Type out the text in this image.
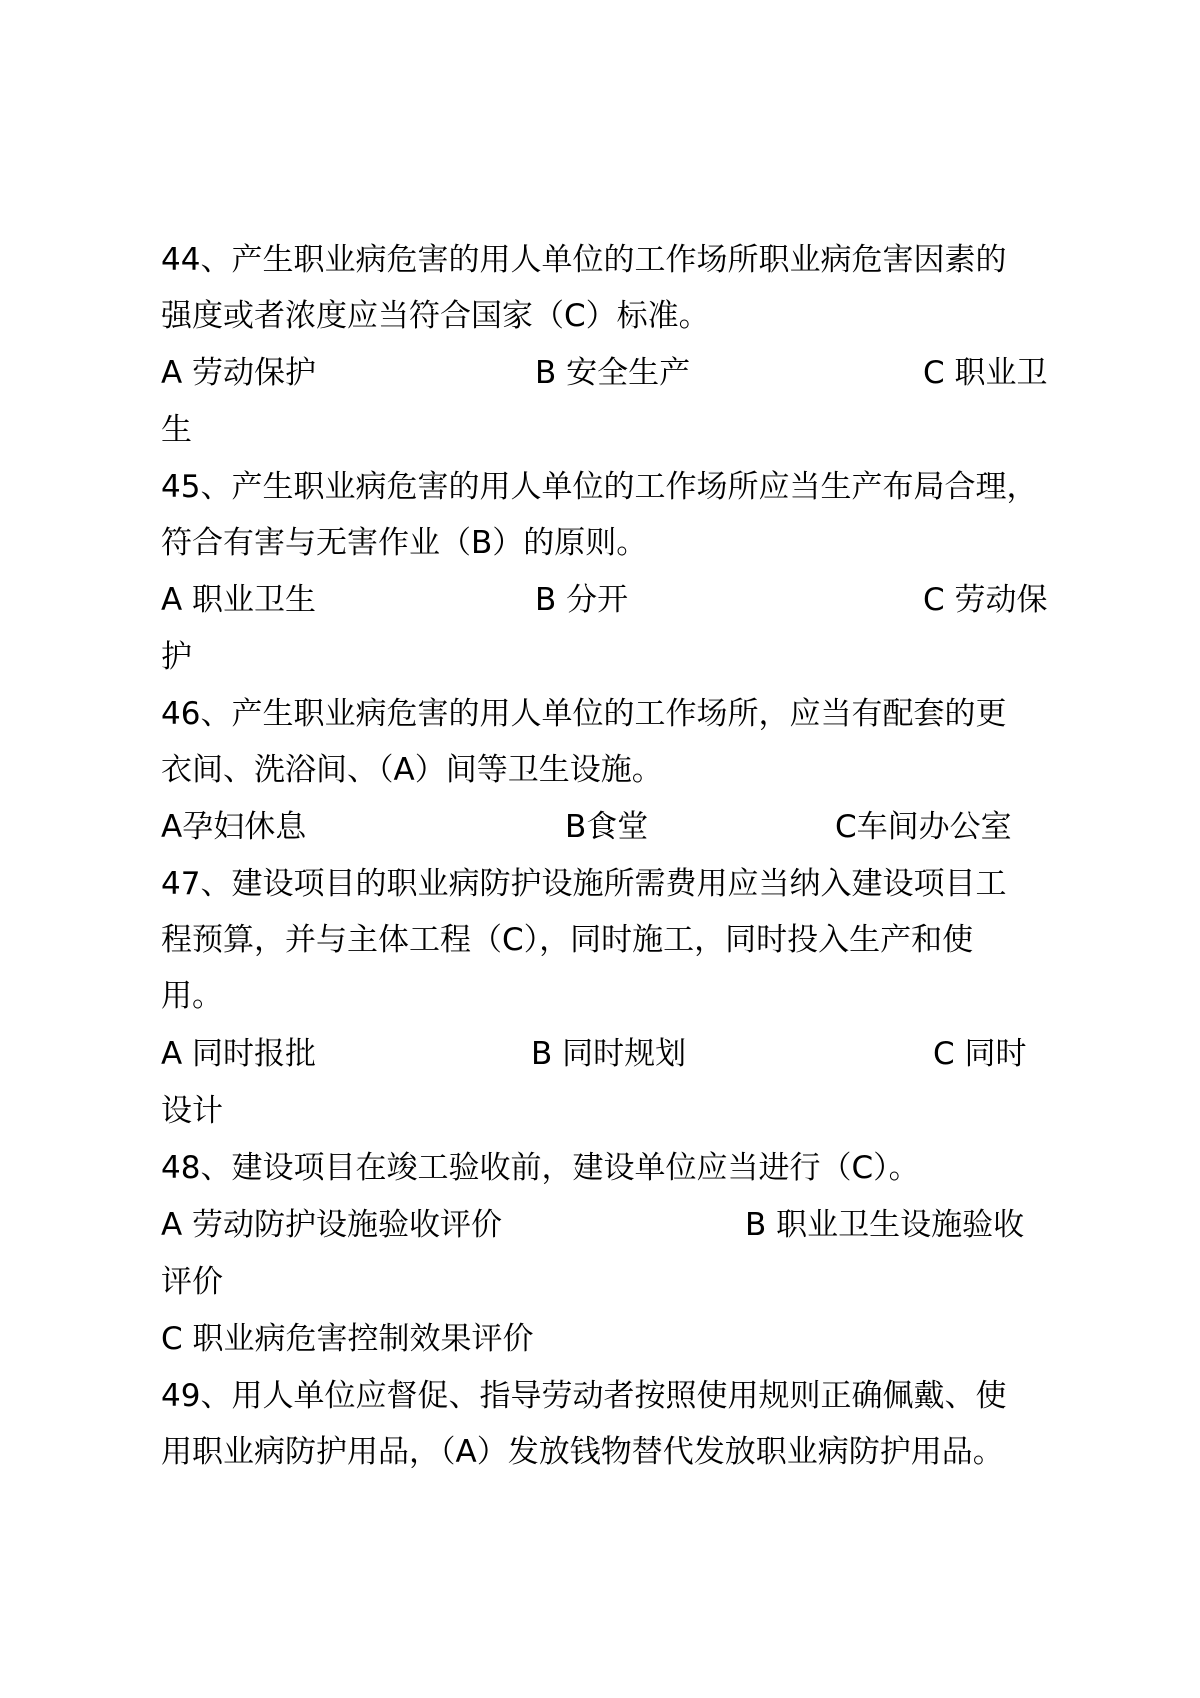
44、产生职业病危害的用人单位的工作场所职业病危害因素的
强度或者浓度应当符合国家（C）标准。
A 劳动保护	B 安全生产	C 职业卫
生
45、产生职业病危害的用人单位的工作场所应当生产布局合理，
符合有害与无害作业（B）的原则。
A 职业卫生	B 分开	C 劳动保
护
46、产生职业病危害的用人单位的工作场所，应当有配套的更
衣间、洗浴间、（A）间等卫生设施。
A孕妇休息	B食堂	C车间办公室
47、建设项目的职业病防护设施所需费用应当纳入建设项目工
程预算，并与主体工程（C），同时施工，同时投入生产和使
用。
A 同时报批	B 同时规划	C 同时
设计
48、建设项目在竣工验收前，建设单位应当进行（C）。
A 劳动防护设施验收评价	B 职业卫生设施验收
评价
C 职业病危害控制效果评价
49、用人单位应督促、指导劳动者按照使用规则正确佩戴、使
用职业病防护用品，（A）发放钱物替代发放职业病防护用品。
